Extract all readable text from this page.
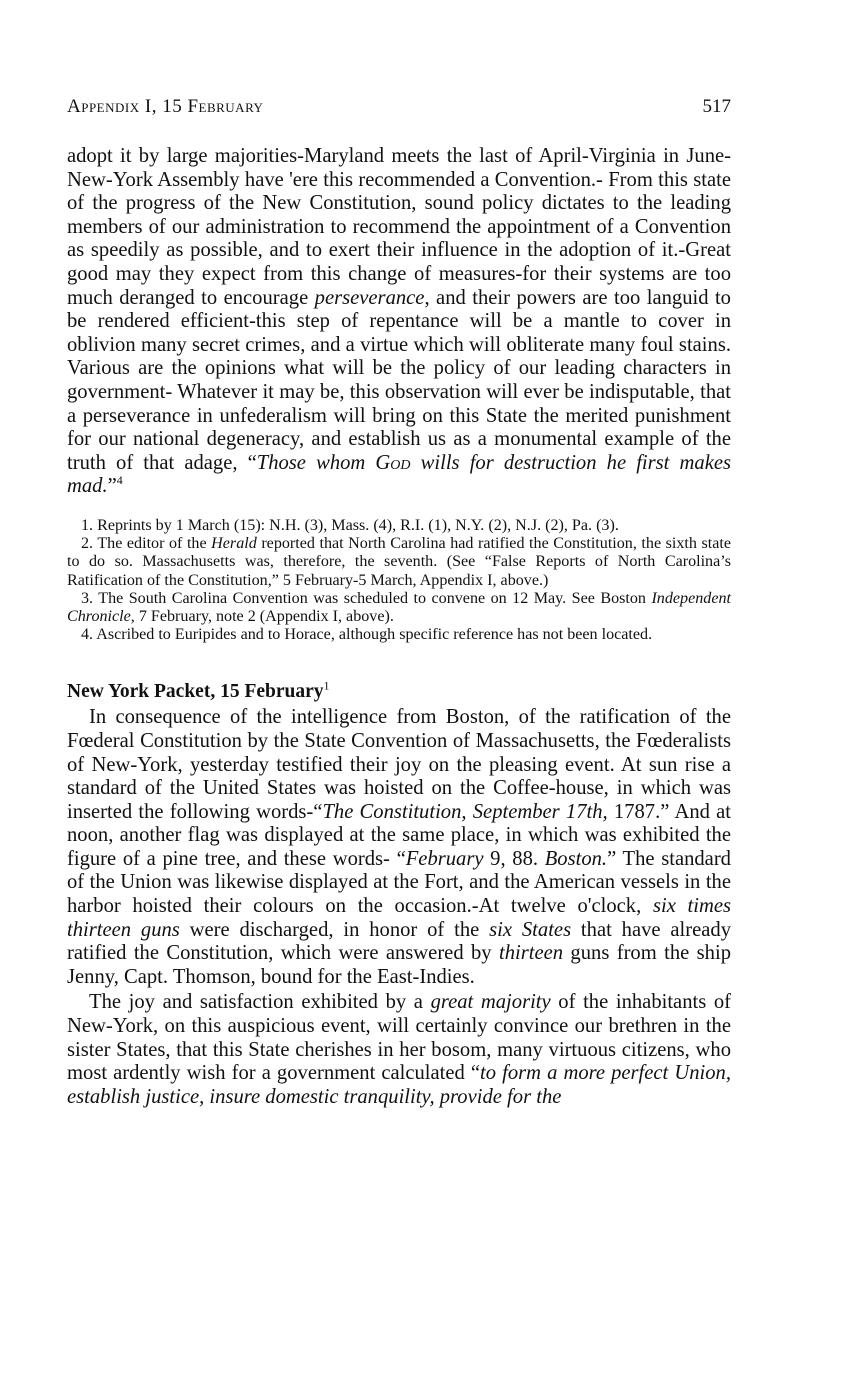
Appendix I, 15 February	517

adopt it by large majorities-Maryland meets the last of April-Virginia in June-New-York Assembly have 'ere this recommended a Convention.- From this state of the progress of the New Constitution, sound policy dictates to the leading members of our administration to recommend the appointment of a Convention as speedily as possible, and to exert their influence in the adoption of it.-Great good may they expect from this change of measures-for their systems are too much deranged to encourage perseverance, and their powers are too languid to be rendered efficient-this step of repentance will be a mantle to cover in oblivion many secret crimes, and a virtue which will obliterate many foul stains. Various are the opinions what will be the policy of our leading characters in government- Whatever it may be, this observation will ever be indisputable, that a perseverance in unfederalism will bring on this State the merited punishment for our national degeneracy, and establish us as a monumental example of the truth of that adage, “Those whom God wills for destruction he first makes mad.”$^4$

1. Reprints by 1 March (15): N.H. (3), Mass. (4), R.I. (1), N.Y. (2), N.J. (2), Pa. (3).

2. The editor of the Herald reported that North Carolina had ratified the Constitution, the sixth state to do so. Massachusetts was, therefore, the seventh. (See “False Reports of North Carolina’s Ratification of the Constitution,” 5 February-5 March, Appendix I, above.)

3. The South Carolina Convention was scheduled to convene on 12 May. See Boston Independent Chronicle, 7 February, note 2 (Appendix I, above).

4. Ascribed to Euripides and to Horace, although specific reference has not been located.

New York Packet, 15 February$^1$

In consequence of the intelligence from Boston, of the ratification of the Fœderal Constitution by the State Convention of Massachusetts, the Fœderalists of New-York, yesterday testified their joy on the pleasing event. At sun rise a standard of the United States was hoisted on the Coffee-house, in which was inserted the following words-“The Constitution, September 17th, 1787.” And at noon, another flag was displayed at the same place, in which was exhibited the figure of a pine tree, and these words- “February 9, 88. Boston.” The standard of the Union was likewise displayed at the Fort, and the American vessels in the harbor hoisted their colours on the occasion.-At twelve o'clock, six times thirteen guns were discharged, in honor of the six States that have already ratified the Constitution, which were answered by thirteen guns from the ship Jenny, Capt. Thomson, bound for the East-Indies.

The joy and satisfaction exhibited by a great majority of the inhabitants of New-York, on this auspicious event, will certainly convince our brethren in the sister States, that this State cherishes in her bosom, many virtuous citizens, who most ardently wish for a government calculated “to form a more perfect Union, establish justice, insure domestic tranquility, provide for the
